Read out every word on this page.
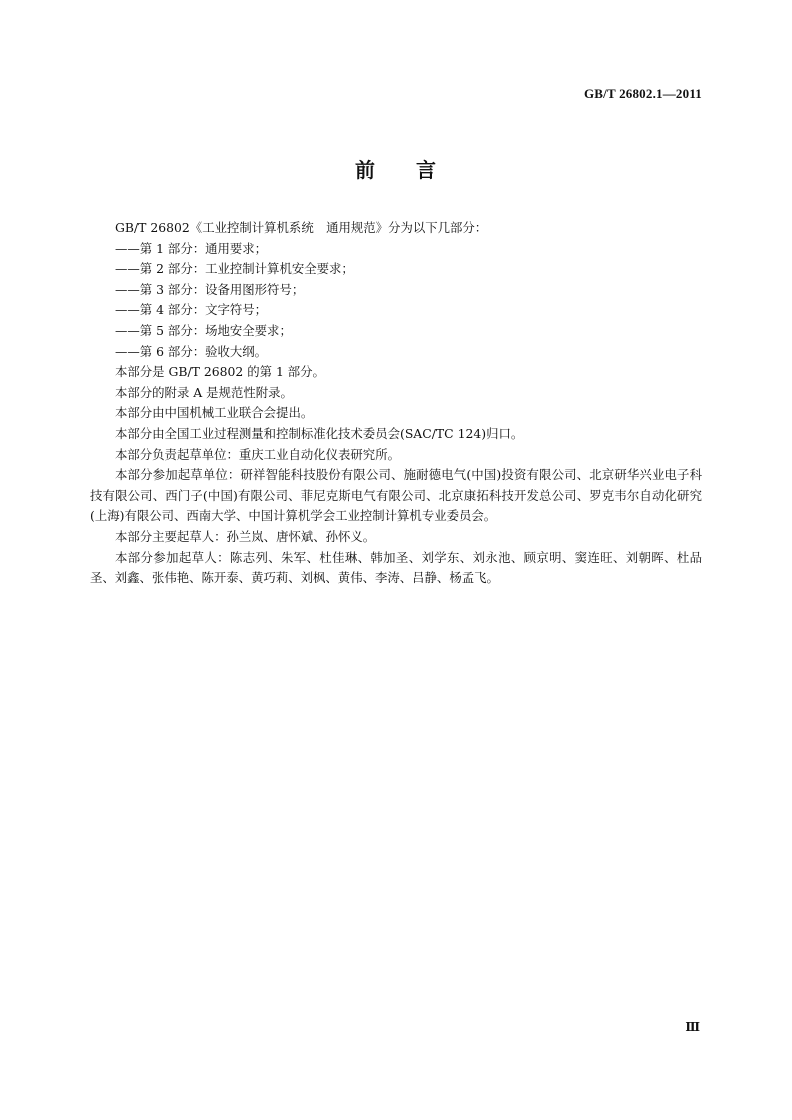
GB/T 26802.1—2011
前 言

GB/T 26802《工业控制计算机系统　通用规范》分为以下几部分：

——第 1 部分：通用要求；

——第 2 部分：工业控制计算机安全要求；

——第 3 部分：设备用图形符号；

——第 4 部分：文字符号；

——第 5 部分：场地安全要求；

——第 6 部分：验收大纲。

本部分是 GB/T 26802 的第 1 部分。

本部分的附录 A 是规范性附录。

本部分由中国机械工业联合会提出。

本部分由全国工业过程测量和控制标准化技术委员会(SAC/TC 124)归口。

本部分负责起草单位：重庆工业自动化仪表研究所。

本部分参加起草单位：研祥智能科技股份有限公司、施耐德电气(中国)投资有限公司、北京研华兴业电子科技有限公司、西门子(中国)有限公司、菲尼克斯电气有限公司、北京康拓科技开发总公司、罗克韦尔自动化研究(上海)有限公司、西南大学、中国计算机学会工业控制计算机专业委员会。

本部分主要起草人：孙兰岚、唐怀斌、孙怀义。

本部分参加起草人：陈志列、朱军、杜佳琳、韩加圣、刘学东、刘永池、顾京明、窦连旺、刘朝晖、杜品圣、刘鑫、张伟艳、陈开泰、黄巧莉、刘枫、黄伟、李涛、吕静、杨孟飞。

Ⅲ
